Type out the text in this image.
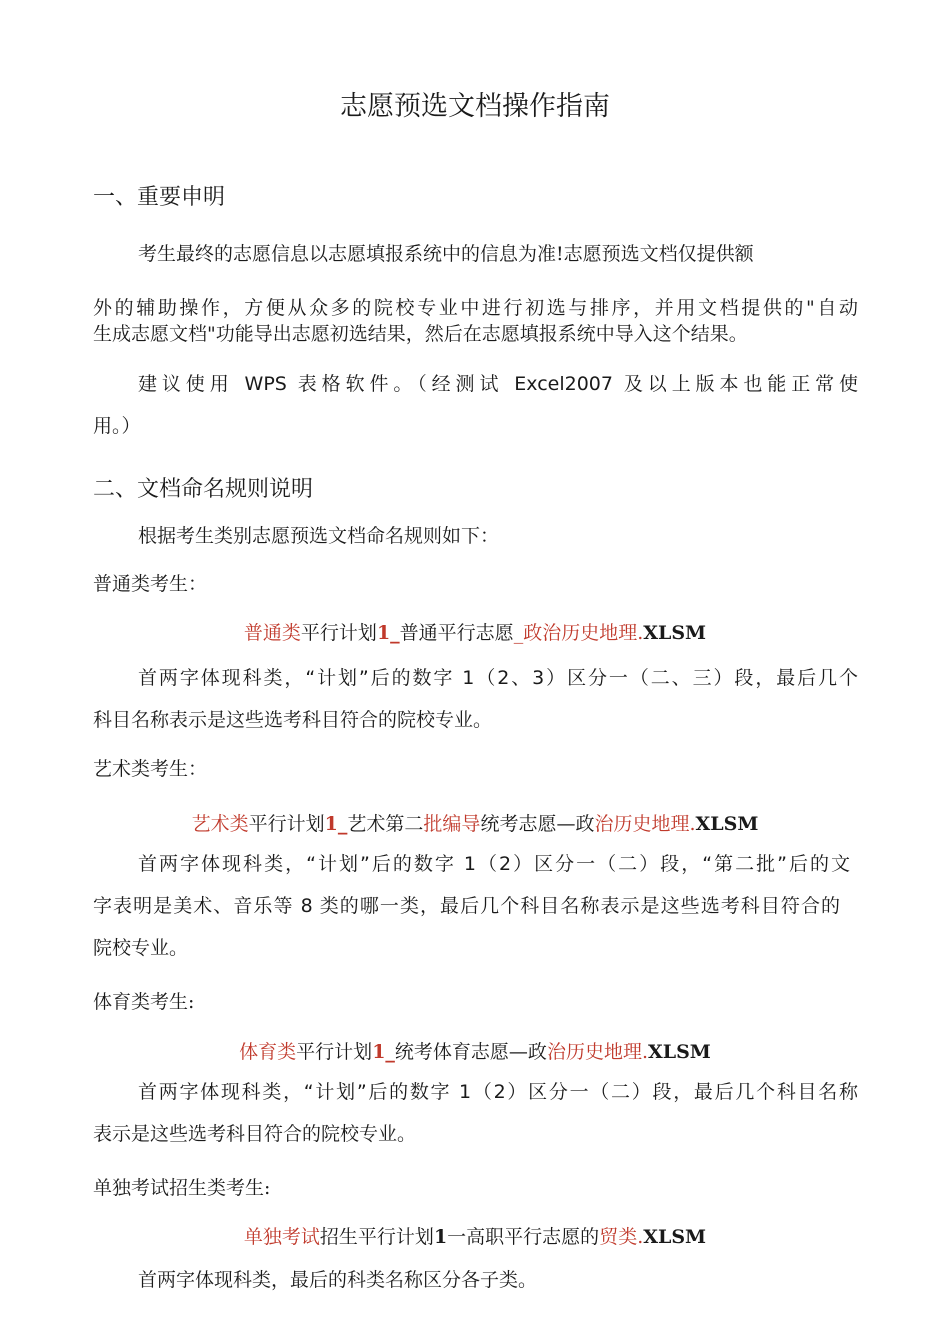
志愿预选文档操作指南
一、重要申明
考生最终的志愿信息以志愿填报系统中的信息为准!志愿预选文档仅提供额
外的辅助操作，方便从众多的院校专业中进行初选与排序，并用文档提供的"自动
生成志愿文档"功能导出志愿初选结果，然后在志愿填报系统中导入这个结果。
建议使用 WPS 表格软件。（经测试 Excel2007 及以上版本也能正常使
用。）
二、文档命名规则说明
根据考生类别志愿预选文档命名规则如下：
普通类考生：
普通类平行计划1_普通平行志愿_政治历史地理.XLSM
首两字体现科类，“计划”后的数字 1（2、3）区分一（二、三）段，最后几个
科目名称表示是这些选考科目符合的院校专业。
艺术类考生：
艺术类平行计划1_艺术第二批编导统考志愿—政治历史地理.XLSM
首两字体现科类，“计划”后的数字 1（2）区分一（二）段，“第二批”后的文
字表明是美术、音乐等 8 类的哪一类，最后几个科目名称表示是这些选考科目符合的
院校专业。
体育类考生:
体育类平行计划1_统考体育志愿—政治历史地理.XLSM
首两字体现科类，“计划”后的数字 1（2）区分一（二）段，最后几个科目名称
表示是这些选考科目符合的院校专业。
单独考试招生类考生:
单独考试招生平行计划1一高职平行志愿的贸类.XLSM
首两字体现科类，最后的科类名称区分各子类。
